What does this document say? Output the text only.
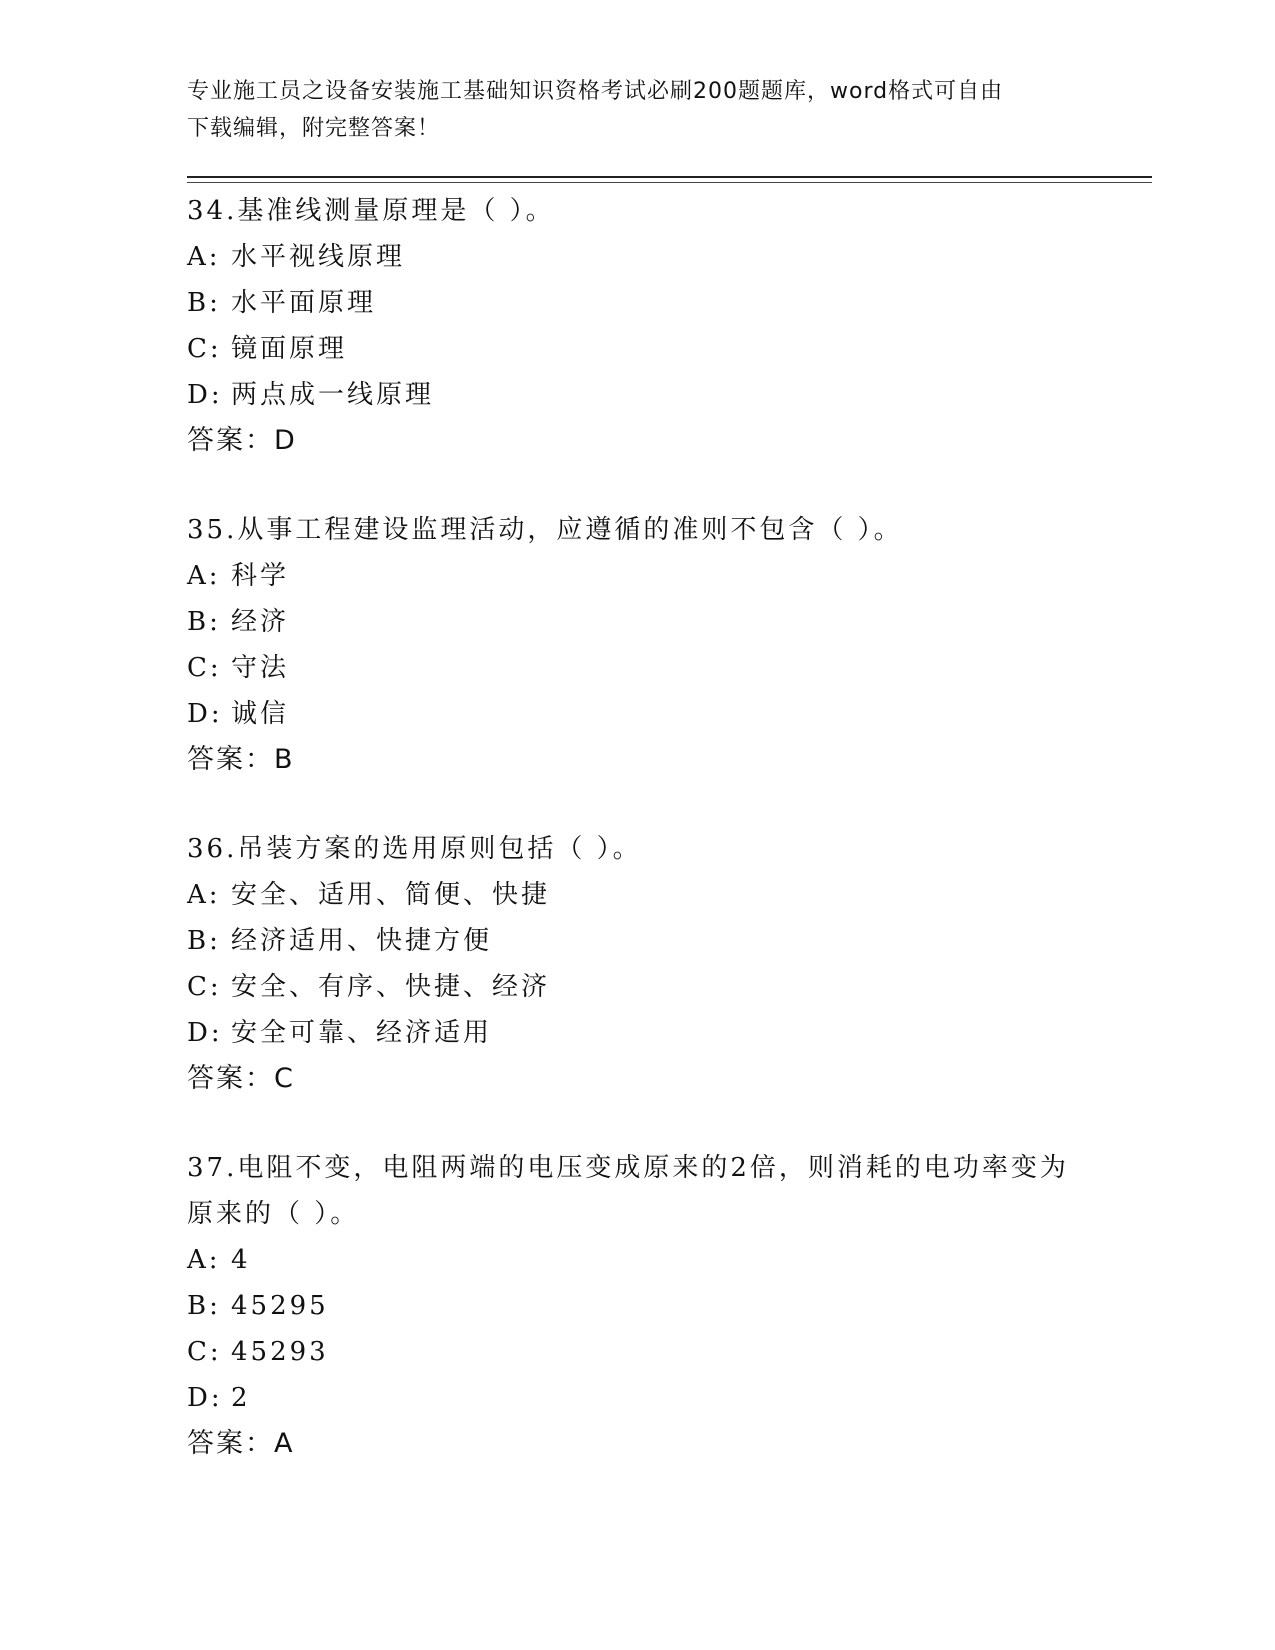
专业施工员之设备安装施工基础知识资格考试必刷200题题库，word格式可自由
下载编辑，附完整答案！
34.基准线测量原理是（ ）。
A: 水平视线原理
B: 水平面原理
C: 镜面原理
D: 两点成一线原理
答案：D
35.从事工程建设监理活动，应遵循的准则不包含（ ）。
A: 科学
B: 经济
C: 守法
D: 诚信
答案：B
36.吊装方案的选用原则包括（ ）。
A: 安全、适用、简便、快捷
B: 经济适用、快捷方便
C: 安全、有序、快捷、经济
D: 安全可靠、经济适用
答案：C
37.电阻不变，电阻两端的电压变成原来的2倍，则消耗的电功率变为
原来的（ ）。
A: 4
B: 45295
C: 45293
D: 2
答案：A
